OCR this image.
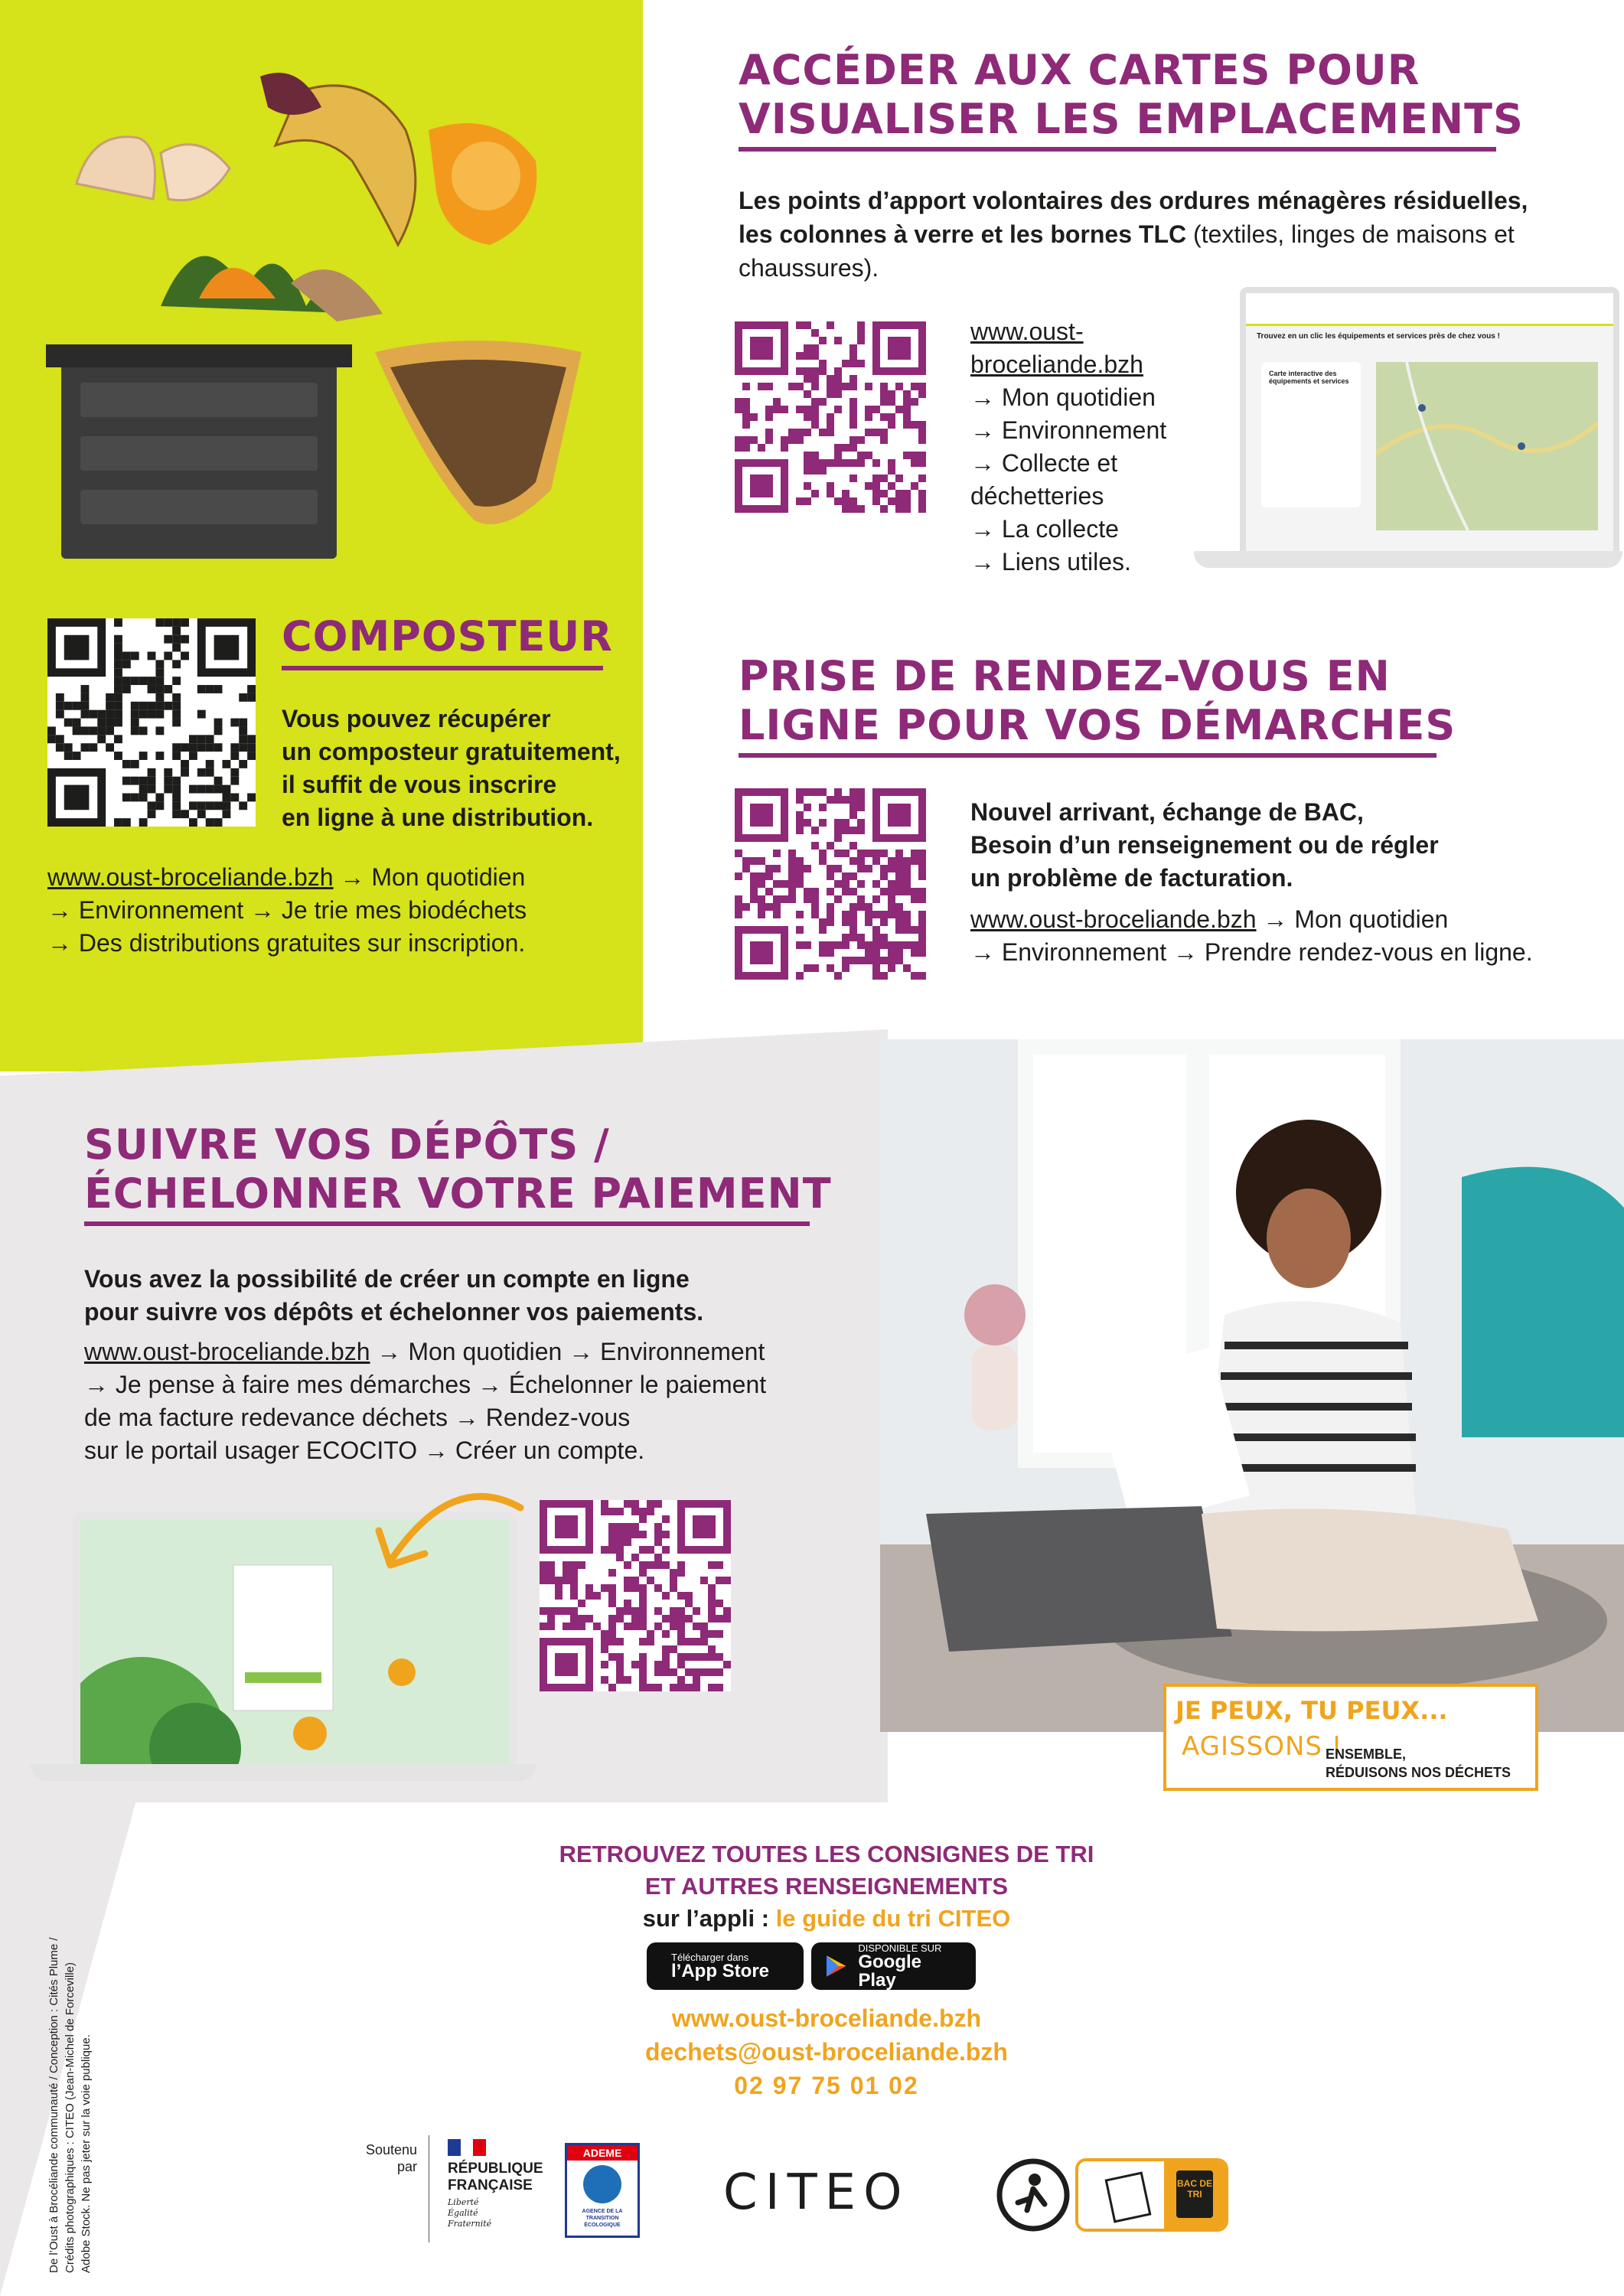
ACCÉDER AUX CARTES POUR
VISUALISER LES EMPLACEMENTS

Les points d’apport volontaires des ordures ménagères résiduelles, les colonnes à verre et les bornes TLC (textiles, linges de maisons et chaussures).

www.oust-
broceliande.bzh
→ Mon quotidien
→ Environnement
→ Collecte et
déchetteries
→ La collecte
→ Liens utiles.
Trouvez en un clic les équipements et services près de chez vous !
Carte interactive des équipements et services
COMPOSTEUR

Vous pouvez récupérer
un composteur gratuitement,
il suffit de vous inscrire
en ligne à une distribution.

www.oust-broceliande.bzh → Mon quotidien
→ Environnement → Je trie mes biodéchets
→ Des distributions gratuites sur inscription.

PRISE DE RENDEZ-VOUS EN
LIGNE POUR VOS DÉMARCHES

Nouvel arrivant, échange de BAC,
Besoin d’un renseignement ou de régler
un problème de facturation.

www.oust-broceliande.bzh → Mon quotidien
→ Environnement → Prendre rendez-vous en ligne.

SUIVRE VOS DÉPÔTS /
ÉCHELONNER VOTRE PAIEMENT

Vous avez la possibilité de créer un compte en ligne
pour suivre vos dépôts et échelonner vos paiements.

www.oust-broceliande.bzh → Mon quotidien → Environnement
→ Je pense à faire mes démarches → Échelonner le paiement
de ma facture redevance déchets → Rendez-vous
sur le portail usager ECOCITO → Créer un compte.

JE PEUX, TU PEUX...
AGISSONS !
ENSEMBLE,
RÉDUISONS NOS DÉCHETS
RETROUVEZ TOUTES LES CONSIGNES DE TRI
ET AUTRES RENSEIGNEMENTS
sur l’appli : le guide du tri CITEO
Télécharger dans
l’App Store
DISPONIBLE SUR
Google Play
www.oust-broceliande.bzh
dechets@oust-broceliande.bzh
02 97 75 01 02
Soutenu
par RÉPUBLIQUE
FRANÇAISE
Liberté
Égalité
Fraternité
ADEME
AGENCE DE LA TRANSITION ÉCOLOGIQUE
CITEO	BAC DE TRI
De l’Oust à Brocéliande communauté / Conception : Cités Plume / Crédits photographiques : CITEO (Jean-Michel de Forceville) Adobe Stock. Ne pas jeter sur la voie publique.
